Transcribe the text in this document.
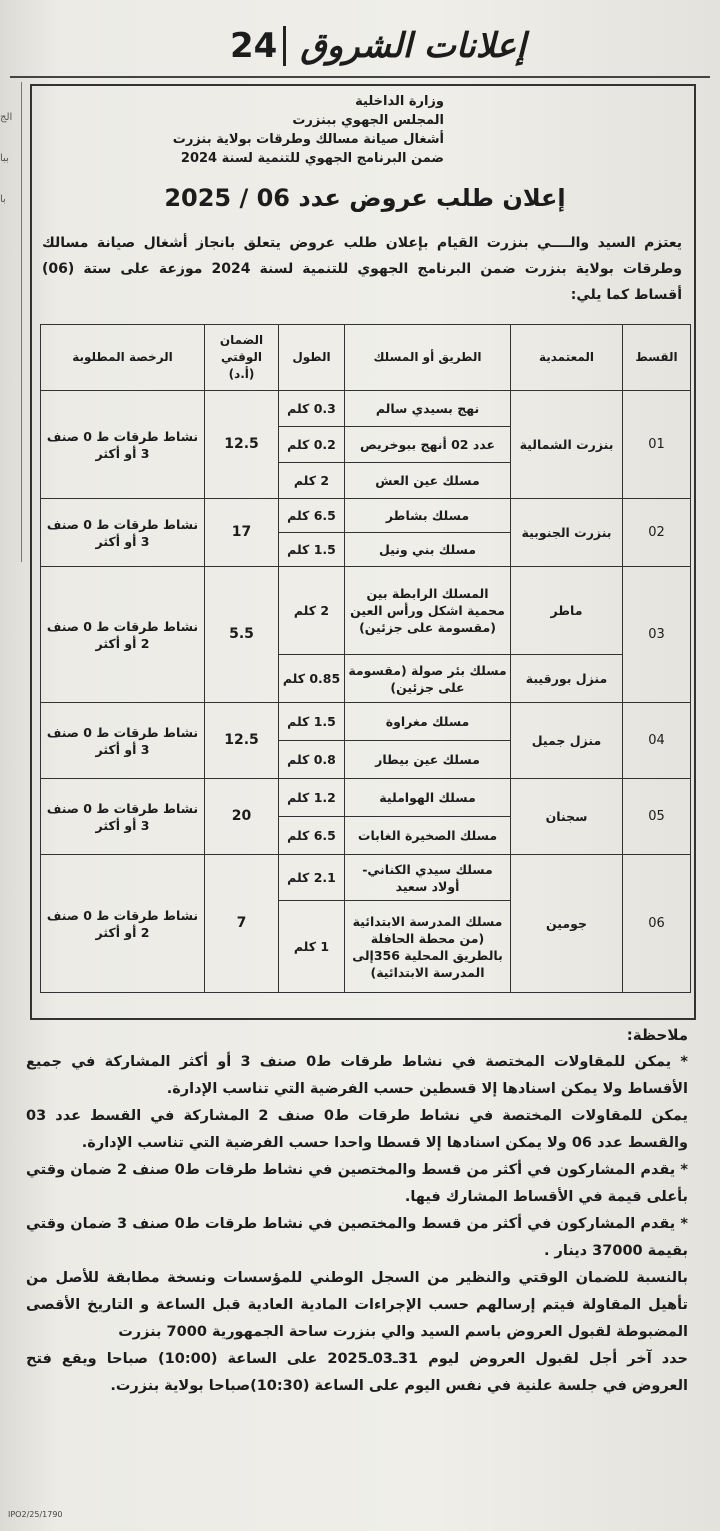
24 إعلانات الشروق
الج
ببا
با
وزارة الداخلية
المجلس الجهوي ببنزرت
أشغال صيانة مسالك وطرقات بولاية بنزرت
ضمن البرنامج الجهوي للتنمية لسنة 2024
إعلان طلب عروض عدد 06 / 2025

يعتزم السيد والــــي بنزرت القيام بإعلان طلب عروض يتعلق بانجاز أشغال صيانة مسالك وطرقات بولاية بنزرت ضمن البرنامج الجهوي للتنمية لسنة 2024 موزعة على ستة (06) أقساط كما يلي:

القسط	المعتمدية	الطريق أو المسلك	الطول	الضمان الوقتي (أ.د)	الرخصة المطلوبة
01	بنزرت الشمالية	نهج بسيدي سالم	0.3 كلم	12.5	نشاط طرقات ط 0 صنف 3 أو أكثر
		عدد 02 أنهج ببوخريص	0.2 كلم		
		مسلك عين العش	2 كلم		
02	بنزرت الجنوبية	مسلك بشاطر	6.5 كلم	17	نشاط طرقات ط 0 صنف 3 أو أكثر
		مسلك بني ونيل	1.5 كلم		
03	ماطر	المسلك الرابطة بين محمية اشكل ورأس العين (مقسومة على جزئين)	2 كلم	5.5	نشاط طرقات ط 0 صنف 2 أو أكثر
	منزل بورقيبة	مسلك بئر صولة (مقسومة على جزئين)	0.85 كلم		
04	منزل جميل	مسلك مغراوة	1.5 كلم	12.5	نشاط طرقات ط 0 صنف 3 أو أكثر
		مسلك عين بيطار	0.8 كلم		
05	سجنان	مسلك الهواملية	1.2 كلم	20	نشاط طرقات ط 0 صنف 3 أو أكثر
		مسلك الصخيرة الغابات	6.5 كلم		
06	جومين	مسلك سيدي الكناني- أولاد سعيد	2.1 كلم	7	نشاط طرقات ط 0 صنف 2 أو أكثر
		مسلك المدرسة الابتدائية (من محطة الحافلة بالطريق المحلية 356إلى المدرسة الابتدائية)	1 كلم		
ملاحظة:

* يمكن للمقاولات المختصة في نشاط طرقات ط0 صنف 3 أو أكثر المشاركة في جميع الأقساط ولا يمكن اسنادها إلا قسطين حسب الفرضية التي تناسب الإدارة.

يمكن للمقاولات المختصة في نشاط طرقات ط0 صنف 2 المشاركة في القسط عدد 03 والقسط عدد 06 ولا يمكن اسنادها إلا قسطا واحدا حسب الفرضية التي تناسب الإدارة.

* يقدم المشاركون في أكثر من قسط والمختصين في نشاط طرقات ط0 صنف 2 ضمان وقتي بأعلى قيمة في الأقساط المشارك فيها.

* يقدم المشاركون في أكثر من قسط والمختصين في نشاط طرقات ط0 صنف 3 ضمان وقتي بقيمة 37000 دينار .

بالنسبة للضمان الوقتي والنظير من السجل الوطني للمؤسسات ونسخة مطابقة للأصل من تأهيل المقاولة فيتم إرسالهم حسب الإجراءات المادية العادية قبل الساعة و التاريخ الأقصى المضبوطة لقبول العروض باسم السيد والي بنزرت ساحة الجمهورية 7000 بنزرت

حدد آخر أجل لقبول العروض ليوم 31ـ03ـ2025 على الساعة (10:00) صباحا ويقع فتح العروض في جلسة علنية في نفس اليوم على الساعة (10:30)صباحا بولاية بنزرت.

IPO2/25/1790
